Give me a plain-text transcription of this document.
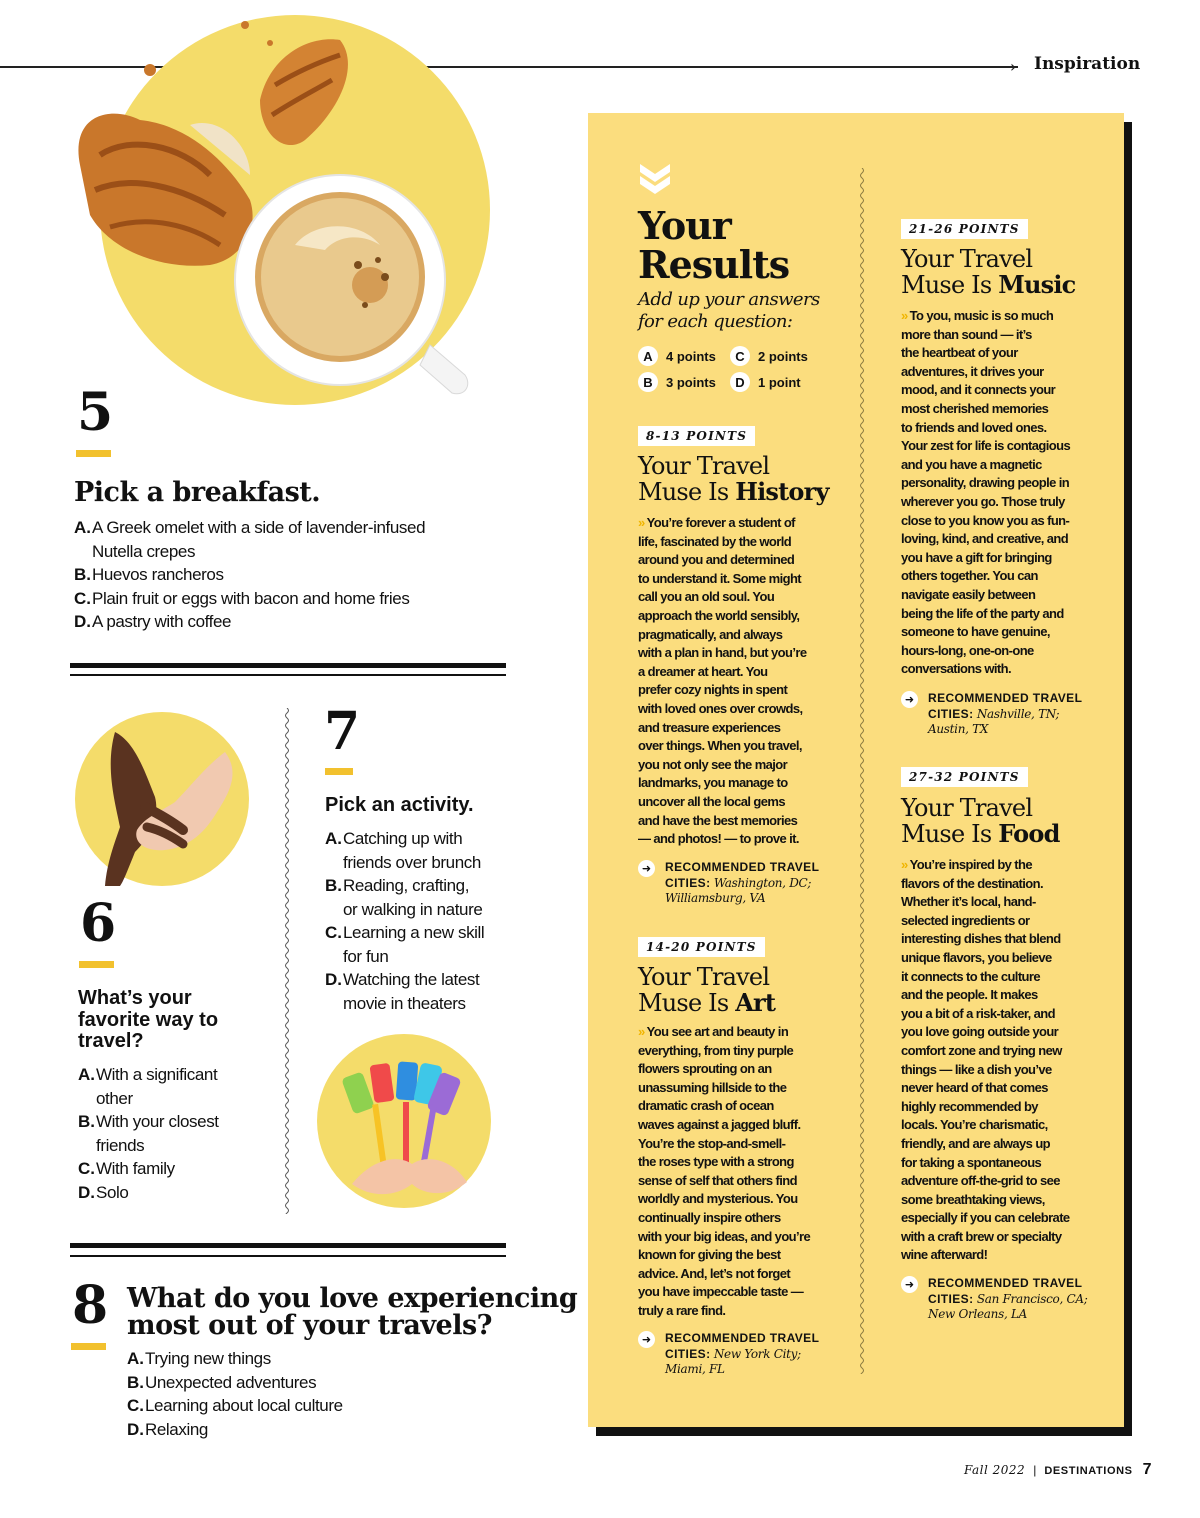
› Inspiration
5
Pick a breakfast.
A. A Greek omelet with a side of lavender-infused
Nutella crepes
B. Huevos rancheros
C. Plain fruit or eggs with bacon and home fries
D. A pastry with coffee
6
What’s your
favorite way to
travel?
A. With a significant
other
B. With your closest
friends
C. With family
D. Solo
7
Pick an activity.
A. Catching up with
friends over brunch
B. Reading, crafting,
or walking in nature
C. Learning a new skill
for fun
D. Watching the latest
movie in theaters
8 What do you love experiencing
most out of your travels?
A. Trying new things
B. Unexpected adventures
C. Learning about local culture
D. Relaxing
Your
Results
Add up your answers
for each question:
A	4 points	C	2 points
B	3 points	D	1 point
8-13 POINTS
Your Travel
Muse Is History
» You’re forever a student of

life, fascinated by the world
around you and determined
to understand it. Some might
call you an old soul. You
approach the world sensibly,
pragmatically, and always
with a plan in hand, but you’re
a dreamer at heart. You
prefer cozy nights in spent
with loved ones over crowds,
and treasure experiences
over things. When you travel,
you not only see the major
landmarks, you manage to
uncover all the local gems
and have the best memories
— and photos! — to prove it.
➜	RECOMMENDED TRAVEL
CITIES: Washington, DC;
Williamsburg, VA
14-20 POINTS
Your Travel
Muse Is Art
» You see art and beauty in

everything, from tiny purple
flowers sprouting on an
unassuming hillside to the
dramatic crash of ocean
waves against a jagged bluff.
You’re the stop-and-smell-
the roses type with a strong
sense of self that others find
worldly and mysterious. You
continually inspire others
with your big ideas, and you’re
known for giving the best
advice. And, let’s not forget
you have impeccable taste —
truly a rare find.
➜	RECOMMENDED TRAVEL
CITIES: New York City;
Miami, FL
21-26 POINTS
Your Travel
Muse Is Music
» To you, music is so much

more than sound — it’s
the heartbeat of your
adventures, it drives your
mood, and it connects your
most cherished memories
to friends and loved ones.
Your zest for life is contagious
and you have a magnetic
personality, drawing people in
wherever you go. Those truly
close to you know you as fun-
loving, kind, and creative, and
you have a gift for bringing
others together. You can
navigate easily between
being the life of the party and
someone to have genuine,
hours-long, one-on-one
conversations with.
➜	RECOMMENDED TRAVEL
CITIES: Nashville, TN;
Austin, TX
27-32 POINTS
Your Travel
Muse Is Food
» You’re inspired by the

flavors of the destination.
Whether it’s local, hand-
selected ingredients or
interesting dishes that blend
unique flavors, you believe
it connects to the culture
and the people. It makes
you a bit of a risk-taker, and
you love going outside your
comfort zone and trying new
things — like a dish you’ve
never heard of that comes
highly recommended by
locals. You’re charismatic,
friendly, and are always up
for taking a spontaneous
adventure off-the-grid to see
some breathtaking views,
especially if you can celebrate
with a craft brew or specialty
wine afterward!
➜	RECOMMENDED TRAVEL
CITIES: San Francisco, CA;
New Orleans, LA
Fall 2022 | DESTINATIONS 7
